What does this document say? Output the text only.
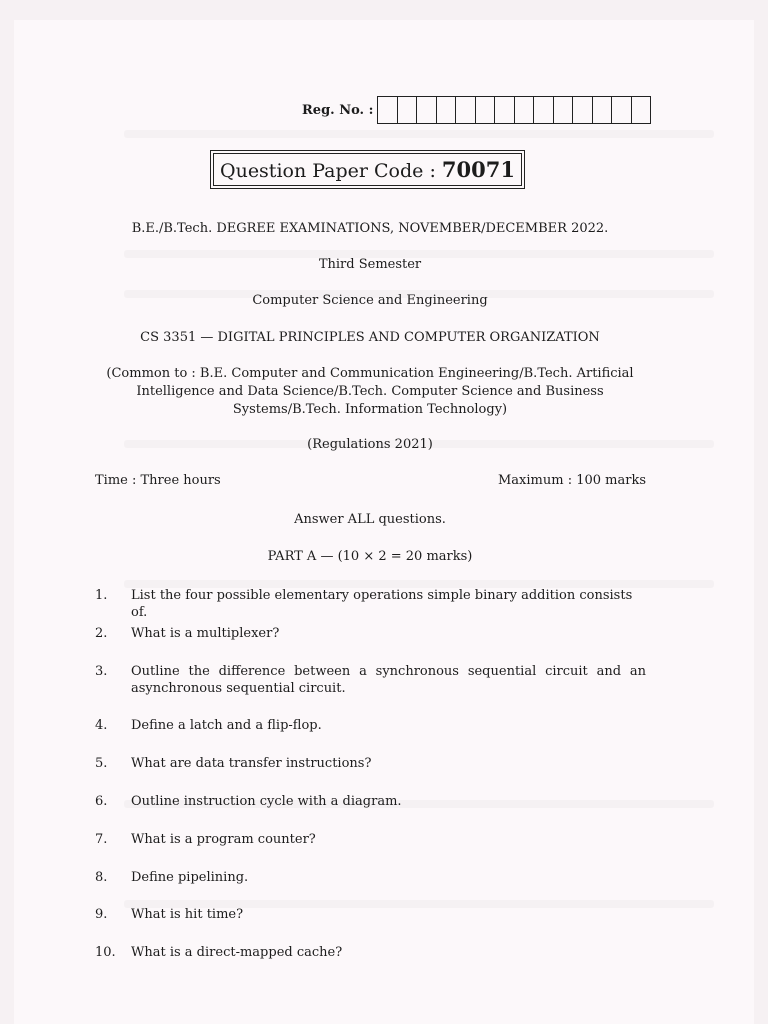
Reg. No. :
Question Paper Code : 70071
B.E./B.Tech. DEGREE EXAMINATIONS, NOVEMBER/DECEMBER 2022.
Third Semester
Computer Science and Engineering
CS 3351 — DIGITAL PRINCIPLES AND COMPUTER ORGANIZATION
(Common to : B.E. Computer and Communication Engineering/B.Tech. Artificial
Intelligence and Data Science/B.Tech. Computer Science and Business
Systems/B.Tech. Information Technology)
(Regulations 2021)
Time : Three hours	Maximum : 100 marks
Answer ALL questions.
PART A — (10 × 2 = 20 marks)
1.	List the four possible elementary operations simple binary addition consists of.
2.	What is a multiplexer?
3.	Outline the difference between a synchronous sequential circuit and an asynchronous sequential circuit.
4.	Define a latch and a flip-flop.
5.	What are data transfer instructions?
6.	Outline instruction cycle with a diagram.
7.	What is a program counter?
8.	Define pipelining.
9.	What is hit time?
10.	What is a direct-mapped cache?
